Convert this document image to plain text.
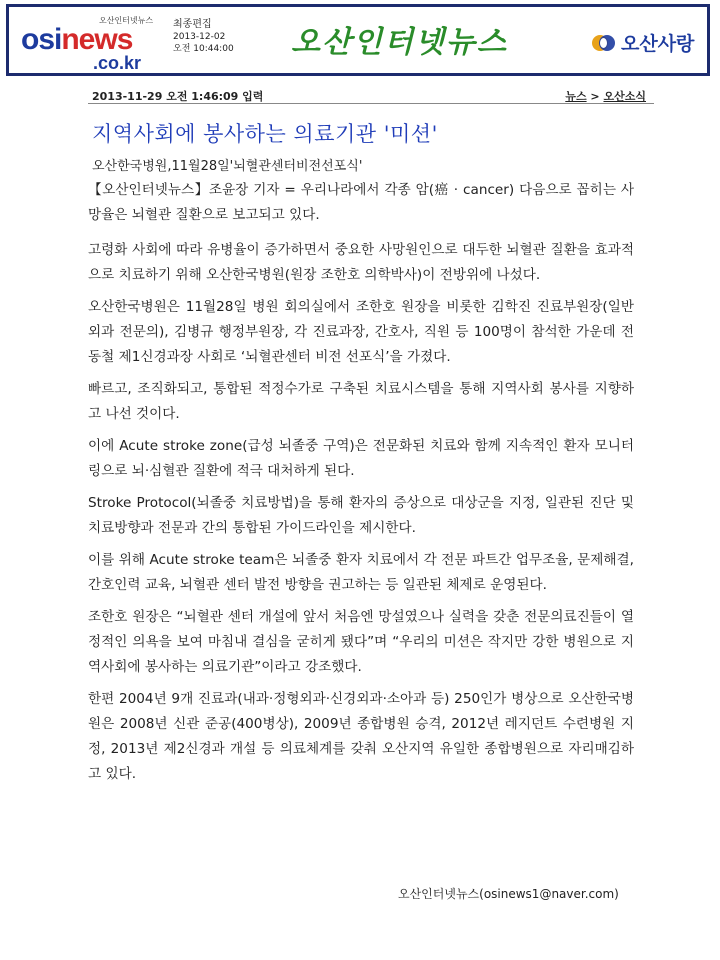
오산인터넷뉴스
osinews
.co.kr
최종편집
2013-12-02
오전 10:44:00 오산인터넷뉴스	오산사랑
2013-11-29 오전 1:46:09 입력	뉴스 > 오산소식
지역사회에 봉사하는 의료기관 '미션'
오산한국병원,11월28일'뇌혈관센터비전선포식'

【오산인터넷뉴스】조윤장 기자 = 우리나라에서 각종 암(癌 · cancer) 다음으로 꼽히는 사망율은 뇌혈관 질환으로 보고되고 있다.

고령화 사회에 따라 유병율이 증가하면서 중요한 사망원인으로 대두한 뇌혈관 질환을 효과적으로 치료하기 위해 오산한국병원(원장 조한호 의학박사)이 전방위에 나섰다.

오산한국병원은 11월28일 병원 회의실에서 조한호 원장을 비롯한 김학진 진료부원장(일반외과 전문의), 김병규 행정부원장, 각 진료과장, 간호사, 직원 등 100명이 참석한 가운데 전동철 제1신경과장 사회로 ‘뇌혈관센터 비전 선포식’을 가졌다.

빠르고, 조직화되고, 통합된 적정수가로 구축된 치료시스템을 통해 지역사회 봉사를 지향하고 나선 것이다.

이에 Acute stroke zone(급성 뇌졸중 구역)은 전문화된 치료와 함께 지속적인 환자 모니터링으로 뇌·심혈관 질환에 적극 대처하게 된다.

Stroke Protocol(뇌졸중 치료방법)을 통해 환자의 증상으로 대상군을 지정, 일관된 진단 및 치료방향과 전문과 간의 통합된 가이드라인을 제시한다.

이를 위해 Acute stroke team은 뇌졸중 환자 치료에서 각 전문 파트간 업무조율, 문제해결, 간호인력 교육, 뇌혈관 센터 발전 방향을 권고하는 등 일관된 체제로 운영된다.

조한호 원장은 “뇌혈관 센터 개설에 앞서 처음엔 망설였으나 실력을 갖춘 전문의료진들이 열정적인 의욕을 보여 마침내 결심을 굳히게 됐다”며 “우리의 미션은 작지만 강한 병원으로 지역사회에 봉사하는 의료기관”이라고 강조했다.

한편 2004년 9개 진료과(내과·정형외과·신경외과·소아과 등) 250인가 병상으로 오산한국병원은 2008년 신관 준공(400병상), 2009년 종합병원 승격, 2012년 레지던트 수련병원 지정, 2013년 제2신경과 개설 등 의료체계를 갖춰 오산지역 유일한 종합병원으로 자리매김하고 있다.

오산인터넷뉴스(osinews1@naver.com)
